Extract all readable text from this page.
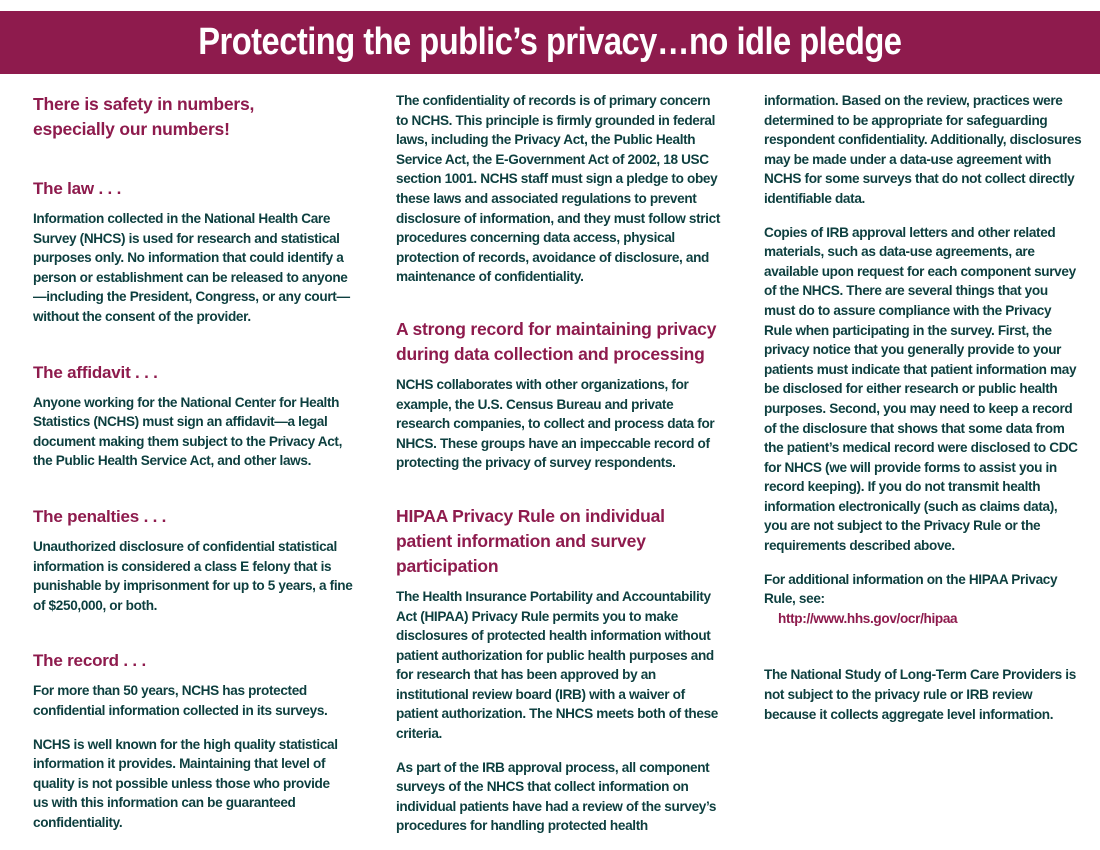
Protecting the public’s privacy…no idle pledge
There is safety in numbers,
especially our numbers!
The law . . .

Information collected in the National Health Care Survey (NHCS) is used for research and statistical purposes only. No information that could identify a person or establishment can be released to anyone—including the President, Congress, or any court—without the consent of the provider.

The affidavit . . .

Anyone working for the National Center for Health Statistics (NCHS) must sign an affidavit—a legal document making them subject to the Privacy Act, the Public Health Service Act, and other laws.

The penalties . . .

Unauthorized disclosure of confidential statistical information is considered a class E felony that is punishable by imprisonment for up to 5 years, a fine of $250,000, or both.

The record . . .

For more than 50 years, NCHS has protected confidential information collected in its surveys.

NCHS is well known for the high quality statistical information it provides. Maintaining that level of quality is not possible unless those who provide us with this information can be guaranteed confidentiality.

The confidentiality of records is of primary concern to NCHS. This principle is firmly grounded in federal laws, including the Privacy Act, the Public Health Service Act, the E-Government Act of 2002, 18 USC section 1001. NCHS staff must sign a pledge to obey these laws and associated regulations to prevent disclosure of information, and they must follow strict procedures concerning data access, physical protection of records, avoidance of disclosure, and maintenance of confidentiality.

A strong record for maintaining privacy during data collection and processing

NCHS collaborates with other organizations, for example, the U.S. Census Bureau and private research companies, to collect and process data for NHCS. These groups have an impeccable record of protecting the privacy of survey respondents.

HIPAA Privacy Rule on individual patient information and survey participation

The Health Insurance Portability and Accountability Act (HIPAA) Privacy Rule permits you to make disclosures of protected health information without patient authorization for public health purposes and for research that has been approved by an institutional review board (IRB) with a waiver of patient authorization. The NHCS meets both of these criteria.

As part of the IRB approval process, all component surveys of the NHCS that collect information on individual patients have had a review of the survey’s procedures for handling protected health

information. Based on the review, practices were determined to be appropriate for safeguarding respondent confidentiality. Additionally, disclosures may be made under a data-use agreement with NCHS for some surveys that do not collect directly identifiable data.

Copies of IRB approval letters and other related materials, such as data-use agreements, are available upon request for each component survey of the NHCS. There are several things that you must do to assure compliance with the Privacy Rule when participating in the survey. First, the privacy notice that you generally provide to your patients must indicate that patient information may be disclosed for either research or public health purposes. Second, you may need to keep a record of the disclosure that shows that some data from the patient’s medical record were disclosed to CDC for NHCS (we will provide forms to assist you in record keeping). If you do not transmit health information electronically (such as claims data), you are not subject to the Privacy Rule or the requirements described above.

For additional information on the HIPAA Privacy Rule, see:

http://www.hhs.gov/ocr/hipaa

The National Study of Long-Term Care Providers is not subject to the privacy rule or IRB review because it collects aggregate level information.
